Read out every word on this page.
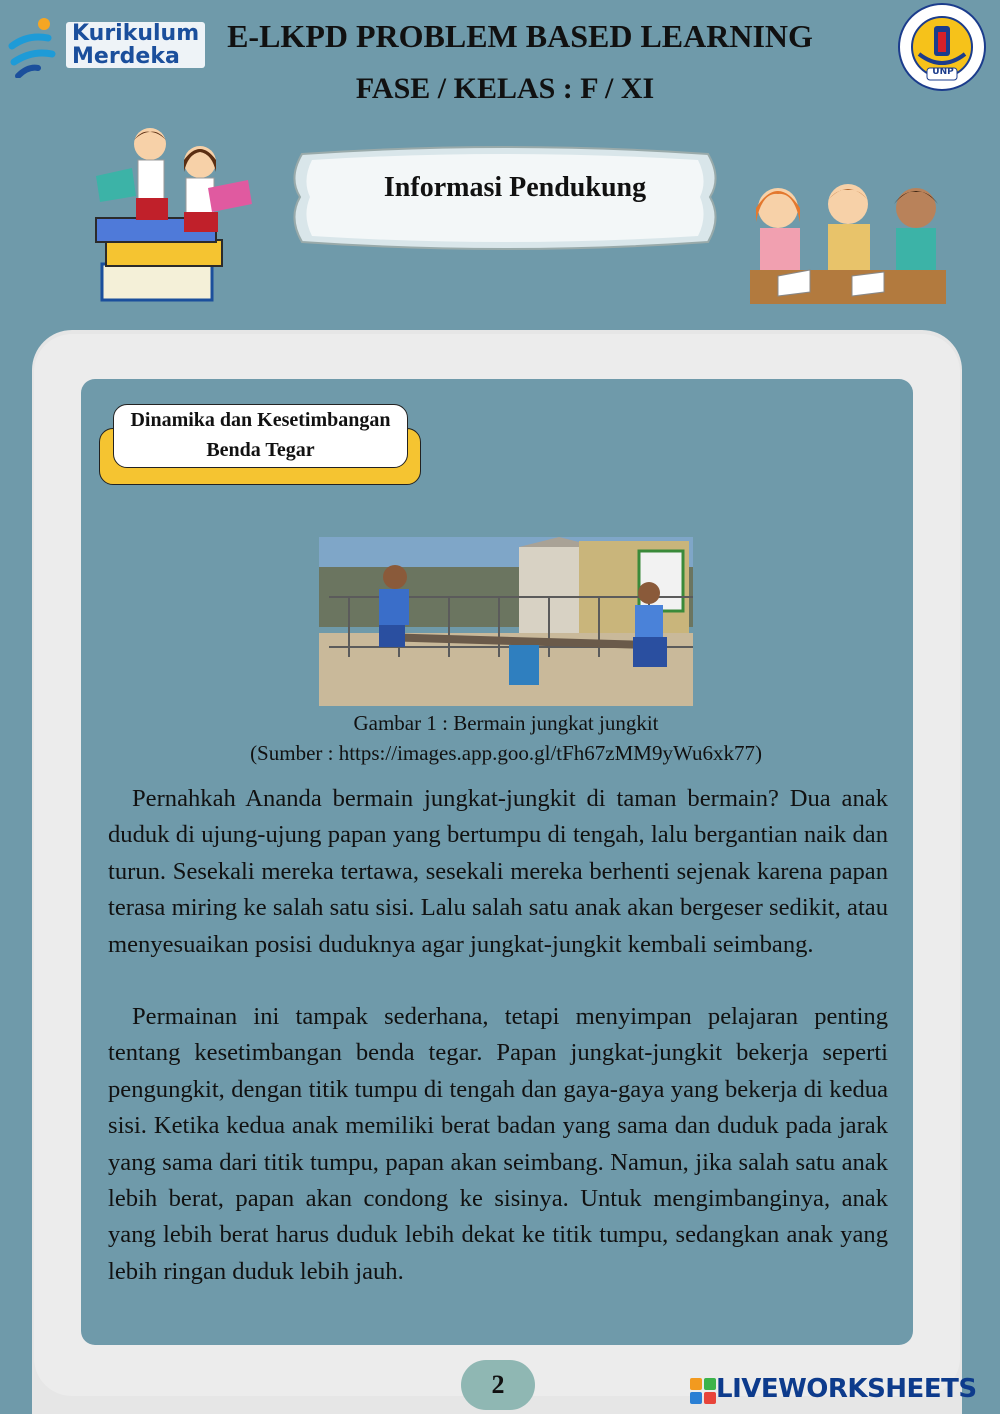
Kurikulum
Merdeka
E-LKPD PROBLEM BASED LEARNING
FASE / KELAS : F / XI	UNP
Informasi Pendukung
Dinamika dan Kesetimbangan
Benda Tegar
Gambar 1 : Bermain jungkat jungkit
(Sumber : https://images.app.goo.gl/tFh67zMM9yWu6xk77)

Pernahkah Ananda bermain jungkat-jungkit di taman bermain? Dua anak duduk di ujung-ujung papan yang bertumpu di tengah, lalu bergantian naik dan turun. Sesekali mereka tertawa, sesekali mereka berhenti sejenak karena papan terasa miring ke salah satu sisi. Lalu salah satu anak akan bergeser sedikit, atau menyesuaikan posisi duduknya agar jungkat-jungkit kembali seimbang.

Permainan ini tampak sederhana, tetapi menyimpan pelajaran penting tentang kesetimbangan benda tegar. Papan jungkat-jungkit bekerja seperti pengungkit, dengan titik tumpu di tengah dan gaya-gaya yang bekerja di kedua sisi. Ketika kedua anak memiliki berat badan yang sama dan duduk pada jarak yang sama dari titik tumpu, papan akan seimbang. Namun, jika salah satu anak lebih berat, papan akan condong ke sisinya. Untuk mengimbanginya, anak yang lebih berat harus duduk lebih dekat ke titik tumpu, sedangkan anak yang lebih ringan duduk lebih jauh.

2	LIVEWORKSHEETS
